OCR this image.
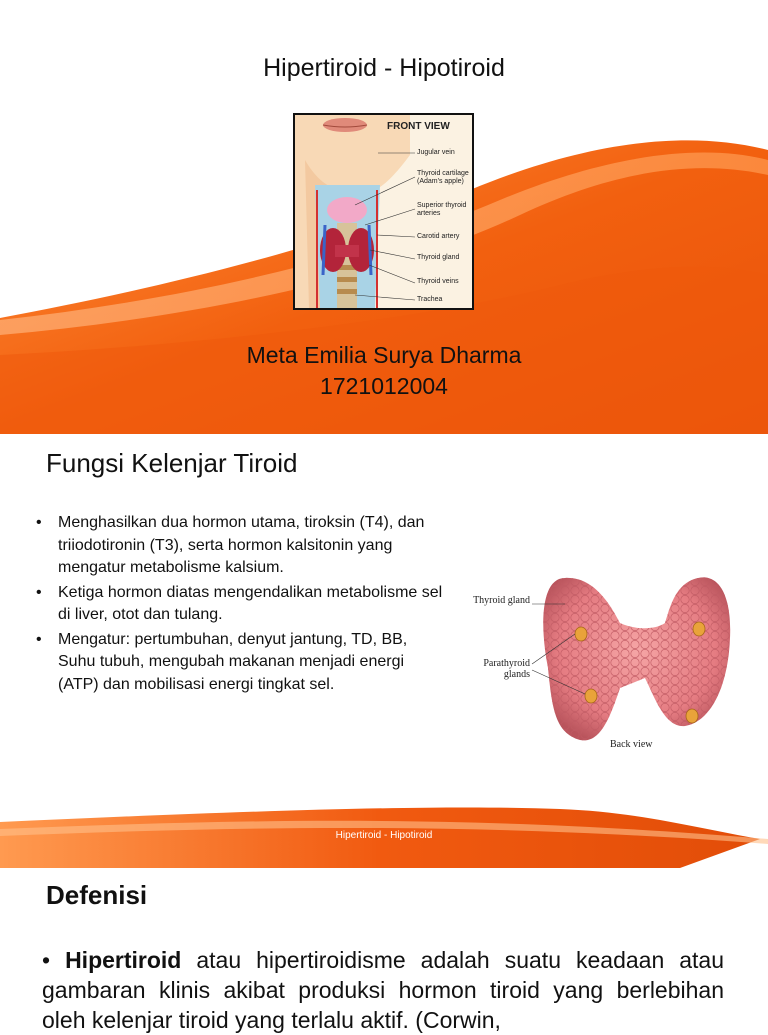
Hipertiroid - Hipotiroid
FRONT VIEW
Jugular vein
Thyroid cartilage (Adam's apple)
Superior thyroid arteries
Carotid artery
Thyroid gland
Thyroid veins
Trachea
Meta Emilia Surya Dharma
1721012004
Fungsi Kelenjar Tiroid
• Menghasilkan dua hormon utama, tiroksin (T4), dan triiodotironin (T3), serta hormon kalsitonin yang mengatur metabolisme kalsium.
• Ketiga hormon diatas mengendalikan metabolisme sel di liver, otot dan tulang.
• Mengatur: pertumbuhan, denyut jantung, TD, BB, Suhu tubuh, mengubah makanan menjadi energi (ATP) dan mobilisasi energi tingkat sel.
Thyroid gland
Parathyroid glands
Back view
Hipertiroid - Hipotiroid
Defenisi
• Hipertiroid atau hipertiroidisme adalah suatu keadaan atau gambaran klinis akibat produksi hormon tiroid yang berlebihan oleh kelenjar tiroid yang terlalu aktif. (Corwin,
